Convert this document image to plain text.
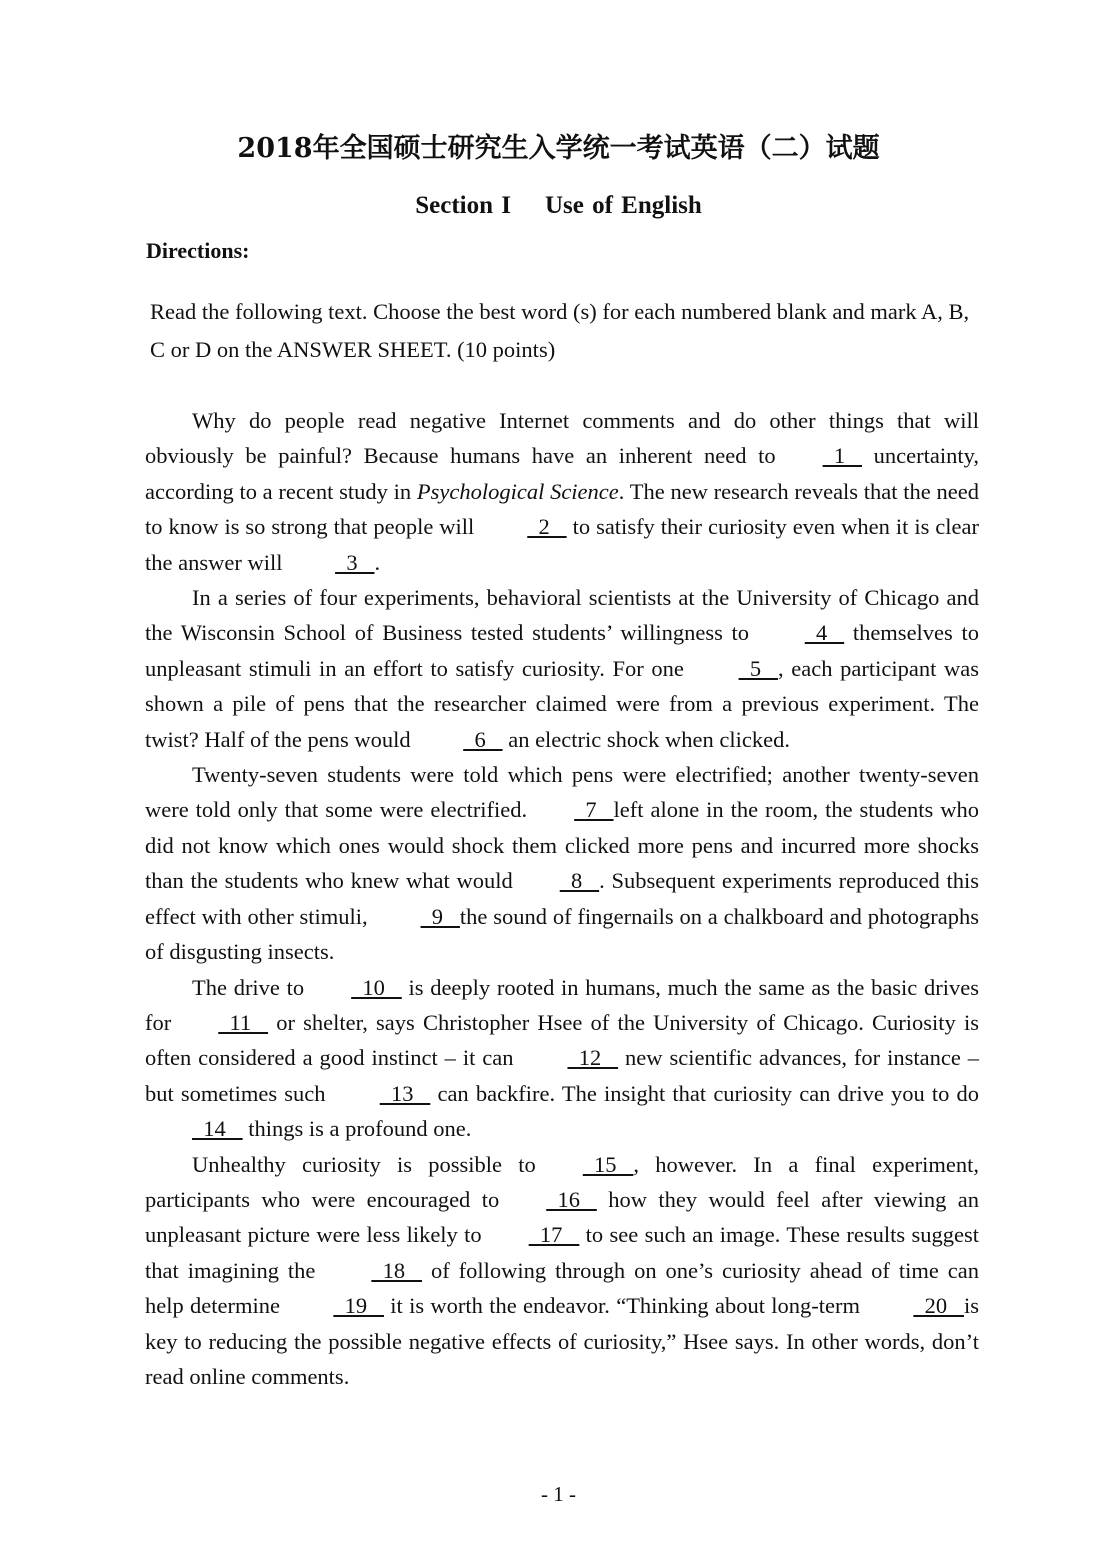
2018年全国硕士研究生入学统一考试英语（二）试题
Section I Use of English
Directions:
Read the following text. Choose the best word (s) for each numbered blank and mark A, B, C or D on the ANSWER SHEET. (10 points)

Why do people read negative Internet comments and do other things that will obviously be painful? Because humans have an inherent need to  1    uncertainty, according to a recent study in Psychological Science. The new research reveals that the need to know is so strong that people will   2    to satisfy their curiosity even when it is clear the answer will   3   .

In a series of four experiments, behavioral scientists at the University of Chicago and the Wisconsin School of Business tested students’ willingness to   4    themselves to unpleasant stimuli in an effort to satisfy curiosity. For one   5   , each participant was shown a pile of pens that the researcher claimed were from a previous experiment. The twist? Half of the pens would   6    an electric shock when clicked.

Twenty-seven students were told which pens were electrified; another twenty-seven were told only that some were electrified.  7   left alone in the room, the students who did not know which ones would shock them clicked more pens and incurred more shocks than the students who knew what would  8   . Subsequent experiments reproduced this effect with other stimuli,   9   the sound of fingernails on a chalkboard and photographs of disgusting insects.

The drive to  10    is deeply rooted in humans, much the same as the basic drives for  11    or shelter, says Christopher Hsee of the University of Chicago. Curiosity is often considered a good instinct – it can   12    new scientific advances, for instance – but sometimes such   13    can backfire. The insight that curiosity can drive you to do  14    things is a profound one.

Unhealthy curiosity is possible to  15   , however. In a final experiment, participants who were encouraged to  16    how they would feel after viewing an unpleasant picture were less likely to  17    to see such an image. These results suggest that imagining the   18    of following through on one’s curiosity ahead of time can help determine   19    it is worth the endeavor. “Thinking about long-term   20   is key to reducing the possible negative effects of curiosity,” Hsee says. In other words, don’t read online comments.

- 1 -
